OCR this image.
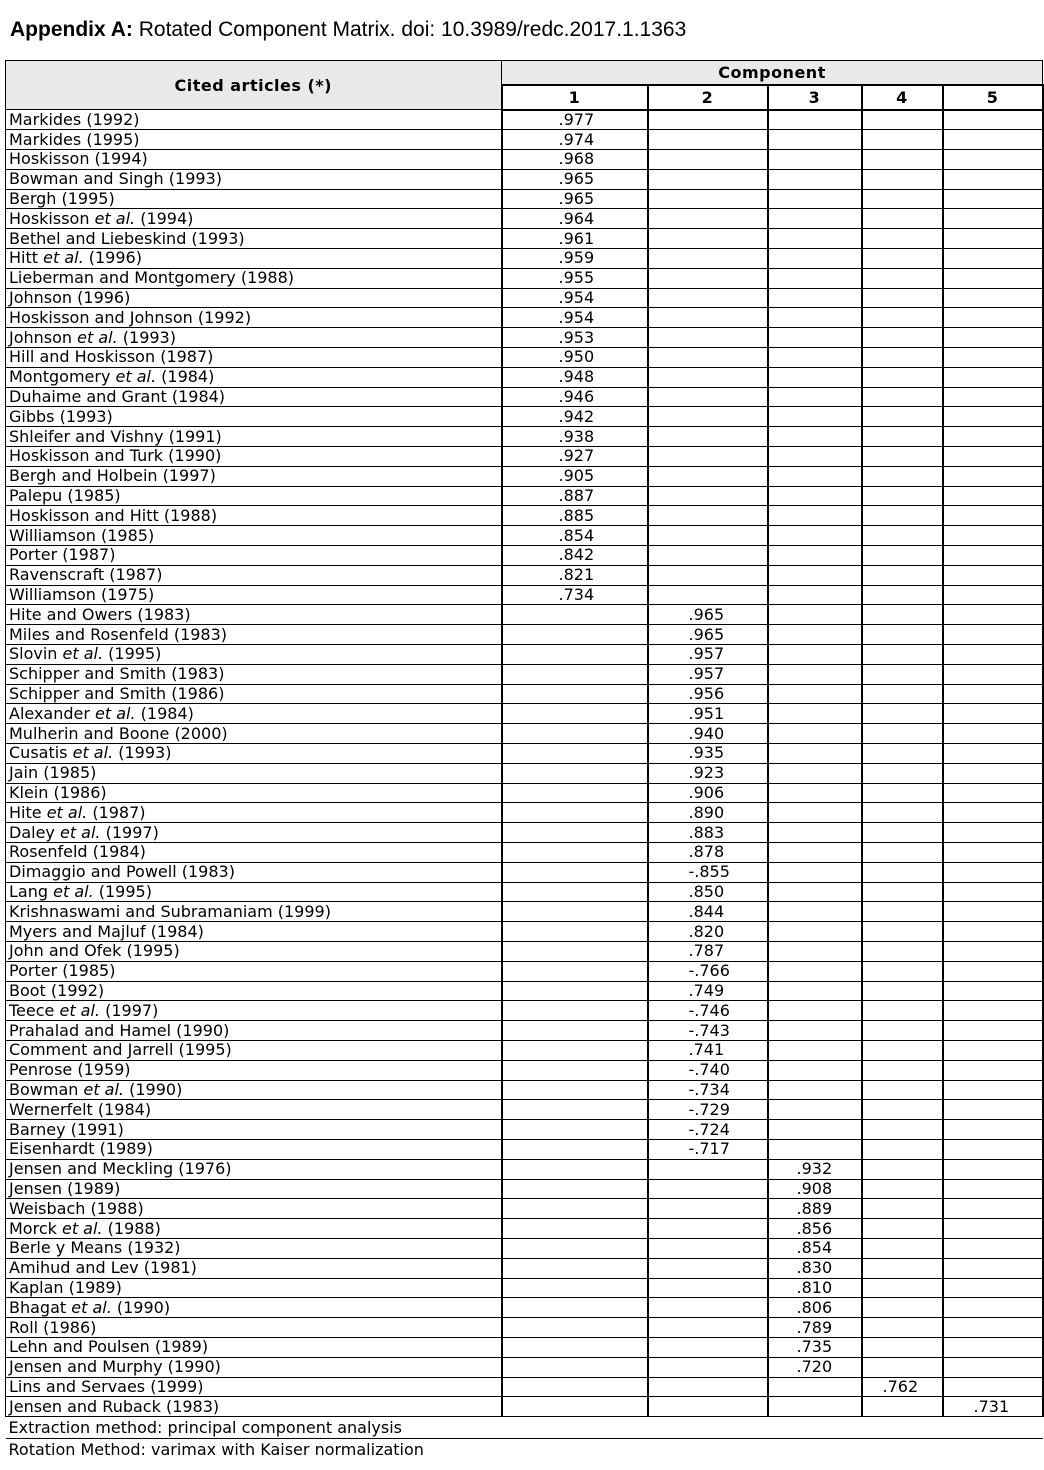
Appendix A: Rotated Component Matrix. doi: 10.3989/redc.2017.1.1363
Cited articles (*)	Component				
	1	2	3	4	5
Markides (1992)	.977				
Markides (1995)	.974				
Hoskisson (1994)	.968				
Bowman and Singh (1993)	.965				
Bergh (1995)	.965				
Hoskisson et al. (1994)	.964				
Bethel and Liebeskind (1993)	.961				
Hitt et al. (1996)	.959				
Lieberman and Montgomery (1988)	.955				
Johnson (1996)	.954				
Hoskisson and Johnson (1992)	.954				
Johnson et al. (1993)	.953				
Hill and Hoskisson (1987)	.950				
Montgomery et al. (1984)	.948				
Duhaime and Grant (1984)	.946				
Gibbs (1993)	.942				
Shleifer and Vishny (1991)	.938				
Hoskisson and Turk (1990)	.927				
Bergh and Holbein (1997)	.905				
Palepu (1985)	.887				
Hoskisson and Hitt (1988)	.885				
Williamson (1985)	.854				
Porter (1987)	.842				
Ravenscraft (1987)	.821				
Williamson (1975)	.734				
Hite and Owers (1983)		.965			
Miles and Rosenfeld (1983)		.965			
Slovin et al. (1995)		.957			
Schipper and Smith (1983)		.957			
Schipper and Smith (1986)		.956			
Alexander et al. (1984)		.951			
Mulherin and Boone (2000)		.940			
Cusatis et al. (1993)		.935			
Jain (1985)		.923			
Klein (1986)		.906			
Hite et al. (1987)		.890			
Daley et al. (1997)		.883			
Rosenfeld (1984)		.878			
Dimaggio and Powell (1983)		-.855			
Lang et al. (1995)		.850			
Krishnaswami and Subramaniam (1999)		.844			
Myers and Majluf (1984)		.820			
John and Ofek (1995)		.787			
Porter (1985)		-.766			
Boot (1992)		.749			
Teece et al. (1997)		-.746			
Prahalad and Hamel (1990)		-.743			
Comment and Jarrell (1995)		.741			
Penrose (1959)		-.740			
Bowman et al. (1990)		-.734			
Wernerfelt (1984)		-.729			
Barney (1991)		-.724			
Eisenhardt (1989)		-.717			
Jensen and Meckling (1976)			.932		
Jensen (1989)			.908		
Weisbach (1988)			.889		
Morck et al. (1988)			.856		
Berle y Means (1932)			.854		
Amihud and Lev (1981)			.830		
Kaplan (1989)			.810		
Bhagat et al. (1990)			.806		
Roll (1986)			.789		
Lehn and Poulsen (1989)			.735		
Jensen and Murphy (1990)			.720		
Lins and Servaes (1999)				.762	
Jensen and Ruback (1983)					.731
Extraction method: principal component analysis					
Rotation Method: varimax with Kaiser normalization					
